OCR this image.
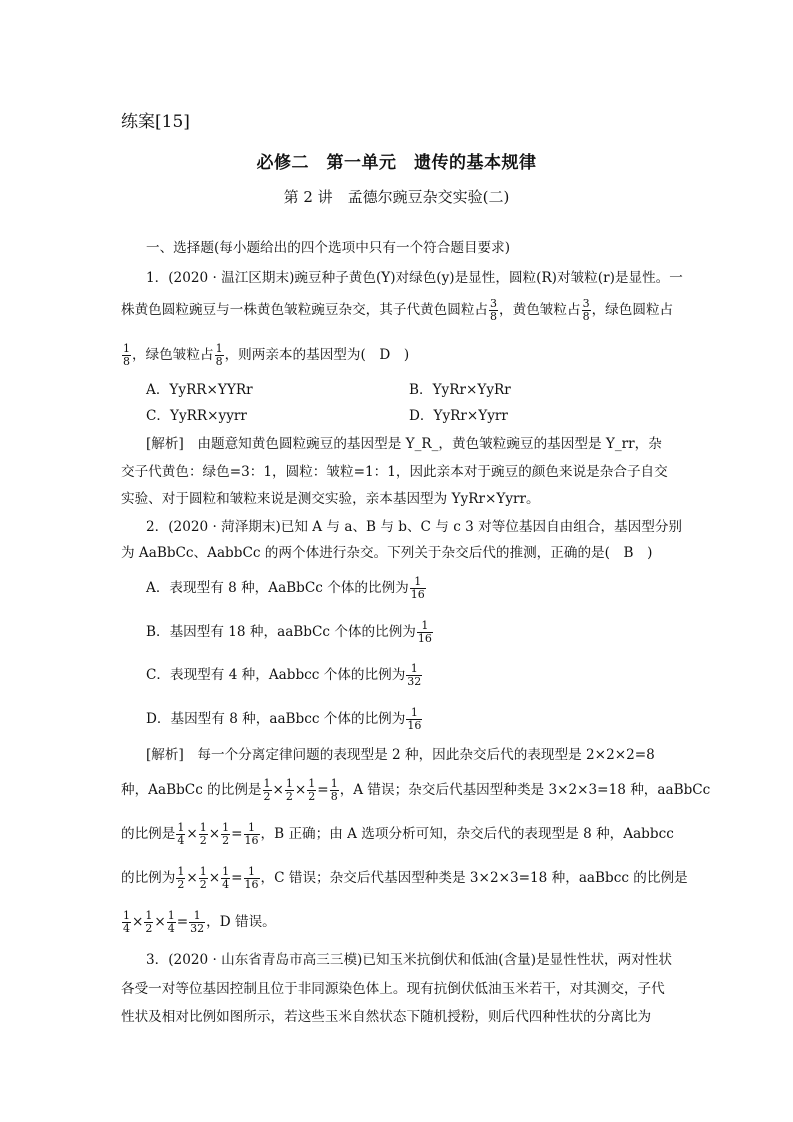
练案[15]
必修二　第一单元　遗传的基本规律
第 2 讲　孟德尔豌豆杂交实验(二)
一、选择题(每小题给出的四个选项中只有一个符合题目要求)
1．(2020 · 温江区期末)豌豆种子黄色(Y)对绿色(y)是显性，圆粒(R)对皱粒(r)是显性。一
株黄色圆粒豌豆与一株黄色皱粒豌豆杂交，其子代黄色圆粒占 $\frac{3}{8}$ ，黄色皱粒占 $\frac{3}{8}$ ，绿色圆粒占
$\frac{1}{8}$ ，绿色皱粒占 $\frac{1}{8}$ ，则两亲本的基因型为(　D　)
A．YyRR×YYRr	B．YyRr×YyRr
C．YyRR×yyrr	D．YyRr×Yyrr
[解析]　由题意知黄色圆粒豌豆的基因型是 Y_R_，黄色皱粒豌豆的基因型是 Y_rr，杂
交子代黄色：绿色=3：1，圆粒：皱粒=1：1，因此亲本对于豌豆的颜色来说是杂合子自交
实验、对于圆粒和皱粒来说是测交实验，亲本基因型为 YyRr×Yyrr。
2．(2020 · 菏泽期末)已知 A 与 a、B 与 b、C 与 c 3 对等位基因自由组合，基因型分别
为 AaBbCc、AabbCc 的两个体进行杂交。下列关于杂交后代的推测，正确的是(　B　)
A．表现型有 8 种，AaBbCc 个体的比例为 $\frac{1}{16}$
B．基因型有 18 种，aaBbCc 个体的比例为 $\frac{1}{16}$
C．表现型有 4 种，Aabbcc 个体的比例为 $\frac{1}{32}$
D．基因型有 8 种，aaBbcc 个体的比例为 $\frac{1}{16}$
[解析]　每一个分离定律问题的表现型是 2 种，因此杂交后代的表现型是 2×2×2=8
种，AaBbCc 的比例是 $\frac{1}{2} \times \frac{1}{2} \times \frac{1}{2} = \frac{1}{8}$ ，A 错误；杂交后代基因型种类是 3×2×3=18 种，aaBbCc
的比例是 $\frac{1}{4} \times \frac{1}{2} \times \frac{1}{2} = \frac{1}{16}$ ，B 正确；由 A 选项分析可知，杂交后代的表现型是 8 种，Aabbcc
的比例为 $\frac{1}{2} \times \frac{1}{2} \times \frac{1}{4} = \frac{1}{16}$ ，C 错误；杂交后代基因型种类是 3×2×3=18 种，aaBbcc 的比例是
$\frac{1}{4} \times \frac{1}{2} \times \frac{1}{4} = \frac{1}{32}$ ，D 错误。
3．(2020 · 山东省青岛市高三三模)已知玉米抗倒伏和低油(含量)是显性性状，两对性状
各受一对等位基因控制且位于非同源染色体上。现有抗倒伏低油玉米若干，对其测交，子代
性状及相对比例如图所示，若这些玉米自然状态下随机授粉，则后代四种性状的分离比为
